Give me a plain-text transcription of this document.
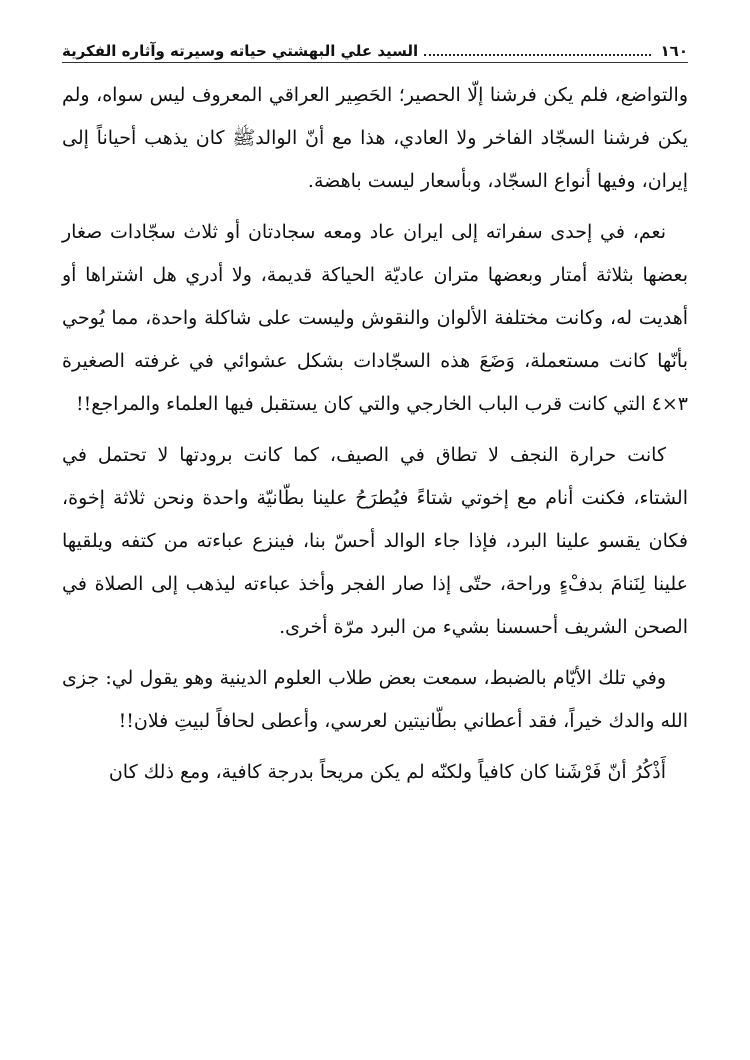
١٦٠
السيد علي البهشتي حياته وسيرته وآثاره الفكرية

والتواضع، فلم يكن فرشنا إلّا الحصير؛ الحَصِير العراقي المعروف ليس سواه، ولم يكن فرشنا السجّاد الفاخر ولا العادي، هذا مع أنّ الوالدﷺ كان يذهب أحياناً إلى إيران، وفيها أنواع السجّاد، وبأسعار ليست باهضة.

نعم، في إحدى سفراته إلى ايران عاد ومعه سجادتان أو ثلاث سجّادات صغار بعضها بثلاثة أمتار وبعضها متران عاديّة الحياكة قديمة، ولا أدري هل اشتراها أو أهديت له، وكانت مختلفة الألوان والنقوش وليست على شاكلة واحدة، مما يُوحي بأنّها كانت مستعملة، وَضَعَ هذه السجّادات بشكل عشوائي في غرفته الصغيرة ٣×٤ التي كانت قرب الباب الخارجي والتي كان يستقبل فيها العلماء والمراجع!!

كانت حرارة النجف لا تطاق في الصيف، كما كانت برودتها لا تحتمل في الشتاء، فكنت أنام مع إخوتي شتاءً فيُطرَحُ علينا بطّانيّة واحدة ونحن ثلاثة إخوة، فكان يقسو علينا البرد، فإذا جاء الوالد أحسّ بنا، فينزع عباءته من كتفه ويلقيها علينا لِنَنامَ بدفْءٍ وراحة، حتّى إذا صار الفجر وأخذ عباءته ليذهب إلى الصلاة في الصحن الشريف أحسسنا بشيء من البرد مرّة أخرى.

وفي تلك الأيّام بالضبط، سمعت بعض طلاب العلوم الدينية وهو يقول لي: جزى الله والدك خيراً، فقد أعطاني بطّانيتين لعرسي، وأعطى لحافاً لبيتِ فلان!!

أَذْكُرُ أنّ فَرْشَنا كان كافياً ولكنّه لم يكن مريحاً بدرجة كافية، ومع ذلك كان
